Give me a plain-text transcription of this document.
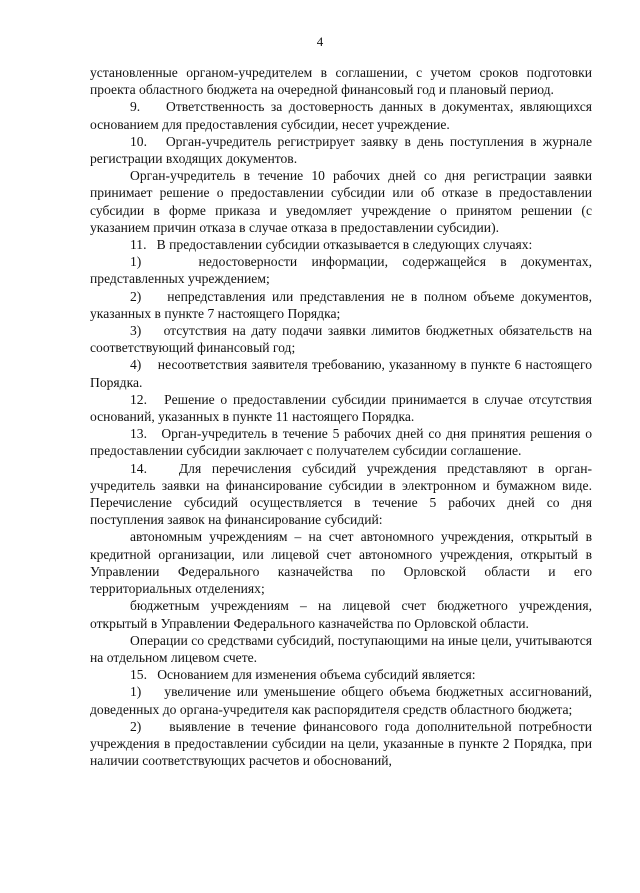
4

установленные органом-учредителем в соглашении, с учетом сроков подготовки проекта областного бюджета на очередной финансовый год и плановый период.

9.    Ответственность за достоверность данных в документах, являющихся основанием для предоставления субсидии, несет учреждение.

10.   Орган-учредитель регистрирует заявку в день поступления в журнале регистрации входящих документов.

Орган-учредитель в течение 10 рабочих дней со дня регистрации заявки принимает решение о предоставлении субсидии или об отказе в предоставлении субсидии в форме приказа и уведомляет учреждение о принятом решении (с указанием причин отказа в случае отказа в предоставлении субсидии).

11.   В предоставлении субсидии отказывается в следующих случаях:

1)    недостоверности информации, содержащейся в документах, представленных учреждением;

2)    непредставления или представления не в полном объеме документов, указанных в пункте 7 настоящего Порядка;

3)    отсутствия на дату подачи заявки лимитов бюджетных обязательств на соответствующий финансовый год;

4)    несоответствия заявителя требованию, указанному в пункте 6 настоящего Порядка.

12.   Решение о предоставлении субсидии принимается в случае отсутствия оснований, указанных в пункте 11 настоящего Порядка.

13.   Орган-учредитель в течение 5 рабочих дней со дня принятия решения о предоставлении субсидии заключает с получателем субсидии соглашение.

14.   Для перечисления субсидий учреждения представляют в орган-учредитель заявки на финансирование субсидии в электронном и бумажном виде. Перечисление субсидий осуществляется в течение 5 рабочих дней со дня поступления заявок на финансирование субсидий:

автономным учреждениям – на счет автономного учреждения, открытый в кредитной организации, или лицевой счет автономного учреждения, открытый в Управлении Федерального казначейства по Орловской области и его территориальных отделениях;

бюджетным учреждениям – на лицевой счет бюджетного учреждения, открытый в Управлении Федерального казначейства по Орловской области.

Операции со средствами субсидий, поступающими на иные цели, учитываются на отдельном лицевом счете.

15.   Основанием для изменения объема субсидий является:

1)    увеличение или уменьшение общего объема бюджетных ассигнований, доведенных до органа-учредителя как распорядителя средств областного бюджета;

2)    выявление в течение финансового года дополнительной потребности учреждения в предоставлении субсидии на цели, указанные в пункте 2 Порядка, при наличии соответствующих расчетов и обоснований,
